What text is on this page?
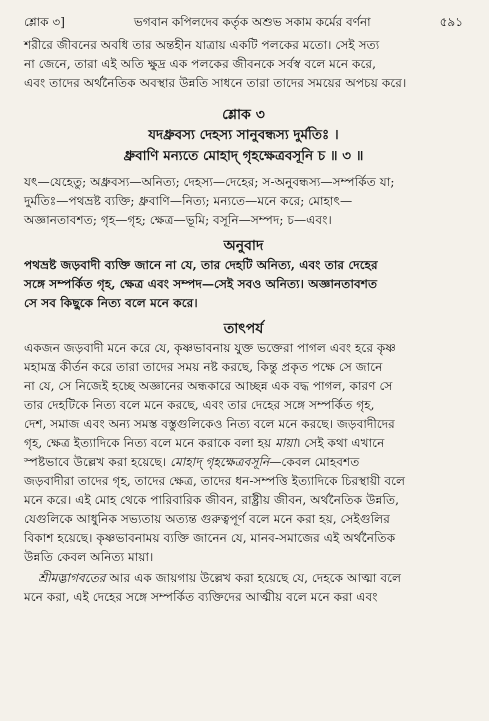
শ্লোক ৩]	ভগবান কপিলদেব কর্তৃক অশুভ সকাম কর্মের বর্ণনা	৫৯১

শরীরে জীবনের অবধি তার অন্তহীন যাত্রায় একটি পলকের মতো। সেই সত্য

না জেনে, তারা এই অতি ক্ষুদ্র এক পলকের জীবনকে সর্বস্ব বলে মনে করে,

এবং তাদের অর্থনৈতিক অবস্থার উন্নতি সাধনে তারা তাদের সময়ের অপচয় করে।

শ্লোক ৩
যদধ্রুবস্য দেহস্য সানুবন্ধস্য দুর্মতিঃ ।
ধ্রুবাণি মন্যতে মোহাদ্ গৃহক্ষেত্রবসূনি চ ॥ ৩ ॥

যৎ—যেহেতু; অধ্রুবস্য—অনিত্য; দেহস্য—দেহের; স-অনুবন্ধস্য—সম্পর্কিত যা;

দুর্মতিঃ—পথভ্রষ্ট ব্যক্তি; ধ্রুবাণি—নিত্য; মন্যতে—মনে করে; মোহাৎ—

অজ্ঞানতাবশত; গৃহ—গৃহ; ক্ষেত্র—ভূমি; বসূনি—সম্পদ; চ—এবং।

অনুবাদ

পথভ্রষ্ট জড়বাদী ব্যক্তি জানে না যে, তার দেহটি অনিত্য, এবং তার দেহের

সঙ্গে সম্পর্কিত গৃহ, ক্ষেত্র এবং সম্পদ—সেই সবও অনিত্য। অজ্ঞানতাবশত

সে সব কিছুকে নিত্য বলে মনে করে।

তাৎপর্য

একজন জড়বাদী মনে করে যে, কৃষ্ণভাবনায় যুক্ত ভক্তেরা পাগল এবং হরে কৃষ্ণ

মহামন্ত্র কীর্তন করে তারা তাদের সময় নষ্ট করছে, কিন্তু প্রকৃত পক্ষে সে জানে

না যে, সে নিজেই হচ্ছে অজ্ঞানের অন্ধকারে আচ্ছন্ন এক বদ্ধ পাগল, কারণ সে

তার দেহটিকে নিত্য বলে মনে করছে, এবং তার দেহের সঙ্গে সম্পর্কিত গৃহ,

দেশ, সমাজ এবং অন্য সমস্ত বস্তুগুলিকেও নিত্য বলে মনে করছে। জড়বাদীদের

গৃহ, ক্ষেত্র ইত্যাদিকে নিত্য বলে মনে করাকে বলা হয় মায়া। সেই কথা এখানে

স্পষ্টভাবে উল্লেখ করা হয়েছে। মোহাদ্ গৃহক্ষেত্রবসূনি—কেবল মোহবশত

জড়বাদীরা তাদের গৃহ, তাদের ক্ষেত্র, তাদের ধন-সম্পত্তি ইত্যাদিকে চিরস্থায়ী বলে

মনে করে। এই মোহ থেকে পারিবারিক জীবন, রাষ্ট্রীয় জীবন, অর্থনৈতিক উন্নতি,

যেগুলিকে আধুনিক সভ্যতায় অত্যন্ত গুরুত্বপূর্ণ বলে মনে করা হয়, সেইগুলির

বিকাশ হয়েছে। কৃষ্ণভাবনাময় ব্যক্তি জানেন যে, মানব-সমাজের এই অর্থনৈতিক

উন্নতি কেবল অনিত্য মায়া।

শ্রীমদ্ভাগবতের আর এক জায়গায় উল্লেখ করা হয়েছে যে, দেহকে আত্মা বলে

মনে করা, এই দেহের সঙ্গে সম্পর্কিত ব্যক্তিদের আত্মীয় বলে মনে করা এবং
